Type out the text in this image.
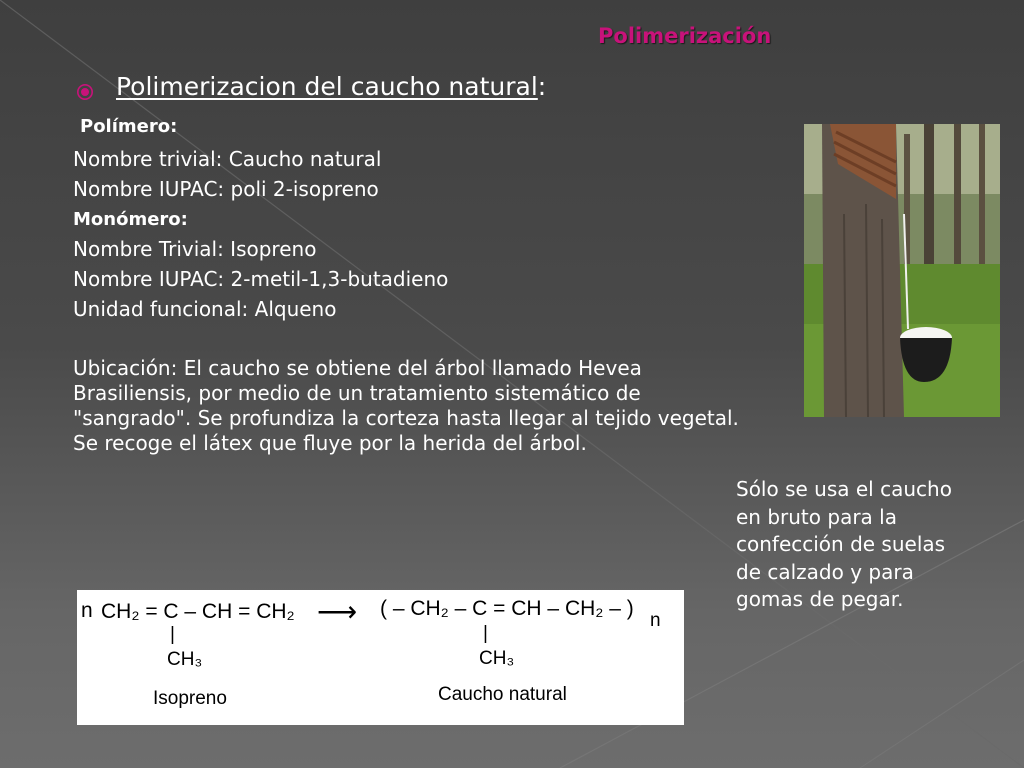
Polimerización
Polimerizacion del caucho natural:
Polímero:
Nombre trivial: Caucho natural
Nombre IUPAC: poli 2-isopreno
Monómero:
Nombre Trivial: Isopreno
Nombre IUPAC: 2-metil-1,3-butadieno
Unidad funcional: Alqueno
Ubicación: El caucho se obtiene del árbol llamado Hevea
Brasiliensis, por medio de un tratamiento sistemático de
"sangrado". Se profundiza la corteza hasta llegar al tejido vegetal.
Se recoge el látex que fluye por la herida del árbol.
Sólo se usa el caucho en bruto para la confección de suelas de calzado y para gomas de pegar.
n CH₂ = C – CH = CH₂ ⟶ ( – CH₂ – C = CH – CH₂ – )
n
|
CH₃
|
CH₃
Isopreno	Caucho natural
